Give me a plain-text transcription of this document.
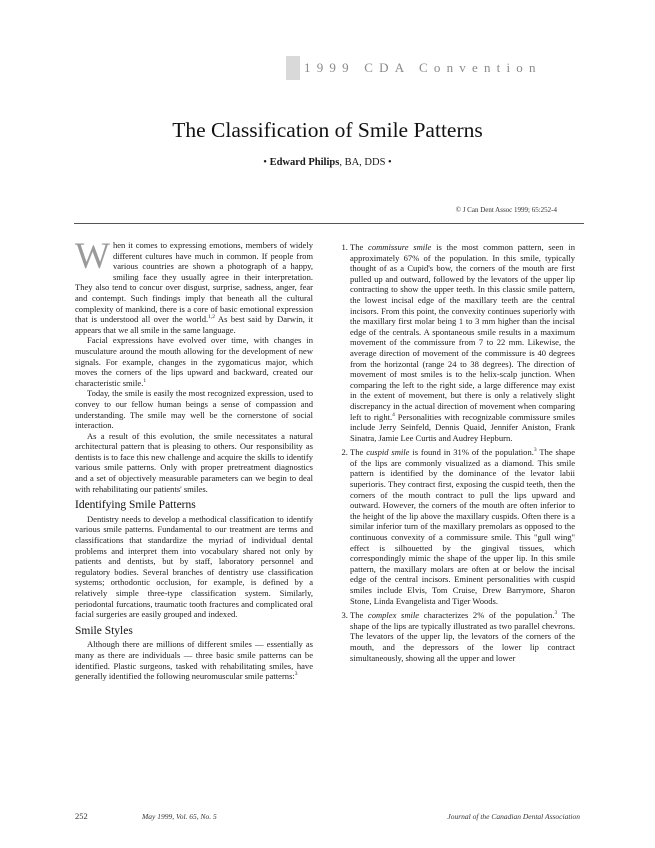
1999 CDA Convention
The Classification of Smile Patterns
• Edward Philips, BA, DDS •
© J Can Dent Assoc 1999; 65:252-4

When it comes to expressing emotions, members of widely different cultures have much in common. If people from various countries are shown a photograph of a happy, smiling face they usually agree in their interpretation. They also tend to concur over disgust, surprise, sadness, anger, fear and contempt. Such findings imply that beneath all the cultural complexity of mankind, there is a core of basic emotional expression that is understood all over the world.$^{1,2}$ As best said by Darwin, it appears that we all smile in the same language.

Facial expressions have evolved over time, with changes in musculature around the mouth allowing for the development of new signals. For example, changes in the zygomaticus major, which moves the corners of the lips upward and backward, created our characteristic smile.$^1$

Today, the smile is easily the most recognized expression, used to convey to our fellow human beings a sense of compassion and understanding. The smile may well be the cornerstone of social interaction.

As a result of this evolution, the smile necessitates a natural architectural pattern that is pleasing to others. Our responsibility as dentists is to face this new challenge and acquire the skills to identify various smile patterns. Only with proper pretreatment diagnostics and a set of objectively measurable parameters can we begin to deal with rehabilitating our patients' smiles.

Identifying Smile Patterns

Dentistry needs to develop a methodical classification to identify various smile patterns. Fundamental to our treatment are terms and classifications that standardize the myriad of individual dental problems and interpret them into vocabulary shared not only by patients and dentists, but by staff, laboratory personnel and regulatory bodies. Several branches of dentistry use classification systems; orthodontic occlusion, for example, is defined by a relatively simple three-type classification system. Similarly, periodontal furcations, traumatic tooth fractures and complicated oral facial surgeries are easily grouped and indexed.

Smile Styles

Although there are millions of different smiles — essentially as many as there are individuals — three basic smile patterns can be identified. Plastic surgeons, tasked with rehabilitating smiles, have generally identified the following neuromuscular smile patterns:$^3$

1. The commissure smile is the most common pattern, seen in approximately 67% of the population. In this smile, typically thought of as a Cupid's bow, the corners of the mouth are first pulled up and outward, followed by the levators of the upper lip contracting to show the upper teeth. In this classic smile pattern, the lowest incisal edge of the maxillary teeth are the central incisors. From this point, the convexity continues superiorly with the maxillary first molar being 1 to 3 mm higher than the incisal edge of the centrals. A spontaneous smile results in a maximum movement of the commissure from 7 to 22 mm. Likewise, the average direction of movement of the commissure is 40 degrees from the horizontal (range 24 to 38 degrees). The direction of movement of most smiles is to the helix-scalp junction. When comparing the left to the right side, a large difference may exist in the extent of movement, but there is only a relatively slight discrepancy in the actual direction of movement when comparing left to right.$^4$ Personalities with recognizable commissure smiles include Jerry Seinfeld, Dennis Quaid, Jennifer Aniston, Frank Sinatra, Jamie Lee Curtis and Audrey Hepburn.
2. The cuspid smile is found in 31% of the population.$^3$ The shape of the lips are commonly visualized as a diamond. This smile pattern is identified by the dominance of the levator labii superioris. They contract first, exposing the cuspid teeth, then the corners of the mouth contract to pull the lips upward and outward. However, the corners of the mouth are often inferior to the height of the lip above the maxillary cuspids. Often there is a similar inferior turn of the maxillary premolars as opposed to the continuous convexity of a commissure smile. This "gull wing" effect is silhouetted by the gingival tissues, which correspondingly mimic the shape of the upper lip. In this smile pattern, the maxillary molars are often at or below the incisal edge of the central incisors. Eminent personalities with cuspid smiles include Elvis, Tom Cruise, Drew Barrymore, Sharon Stone, Linda Evangelista and Tiger Woods.
3. The complex smile characterizes 2% of the population.$^3$ The shape of the lips are typically illustrated as two parallel chevrons. The levators of the upper lip, the levators of the corners of the mouth, and the depressors of the lower lip contract simultaneously, showing all the upper and lower
252	May 1999, Vol. 65, No. 5	Journal of the Canadian Dental Association
